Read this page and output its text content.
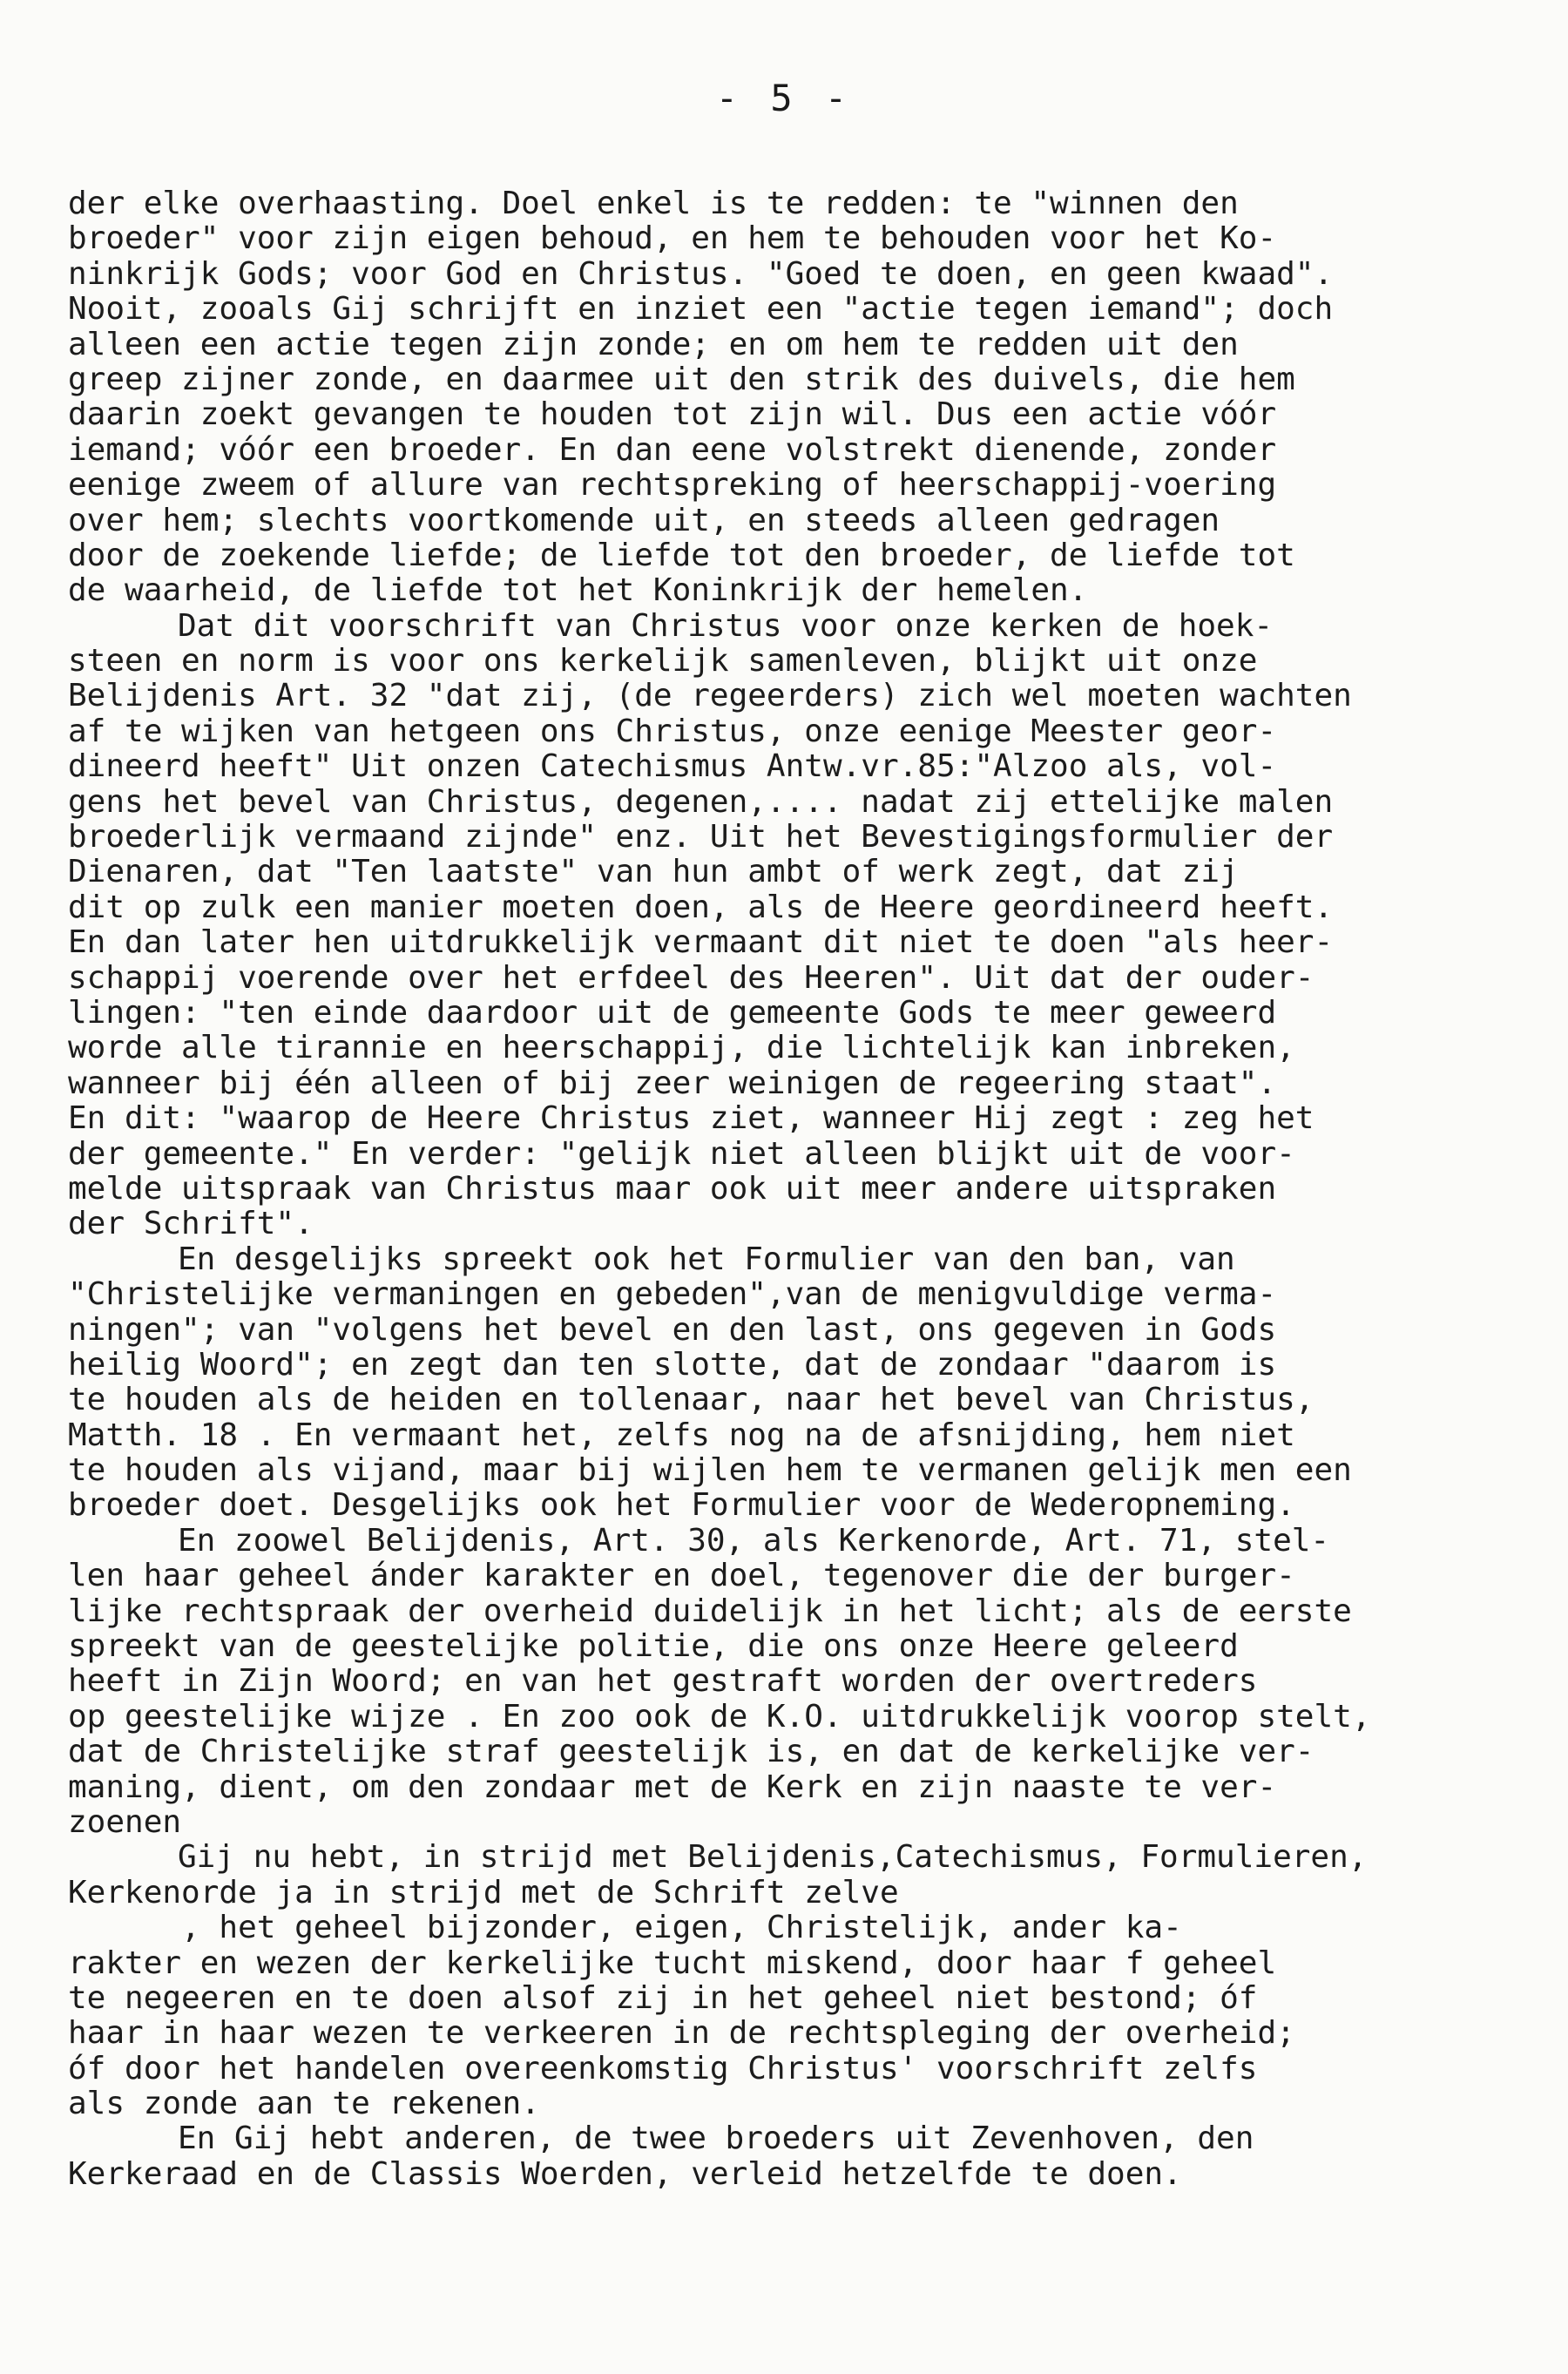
- 5 -
der elke overhaasting. Doel enkel is te redden: te "winnen den
broeder" voor zijn eigen behoud, en hem te behouden voor het Ko-
ninkrijk Gods; voor God en Christus. "Goed te doen, en geen kwaad".
Nooit, zooals Gij schrijft en inziet een "actie tegen iemand"; doch
alleen een actie tegen zijn zonde; en om hem te redden uit den
greep zijner zonde, en daarmee uit den strik des duivels, die hem
daarin zoekt gevangen te houden tot zijn wil. Dus een actie vóór
iemand; vóór een broeder. En dan eene volstrekt dienende, zonder
eenige zweem of allure van rechtspreking of heerschappij-voering
over hem; slechts voortkomende uit, en steeds alleen gedragen
door de zoekende liefde; de liefde tot den broeder, de liefde tot
de waarheid, de liefde tot het Koninkrijk der hemelen.
Dat dit voorschrift van Christus voor onze kerken de hoek-
steen en norm is voor ons kerkelijk samenleven, blijkt uit onze
Belijdenis Art. 32 "dat zij, (de regeerders) zich wel moeten wachten
af te wijken van hetgeen ons Christus, onze eenige Meester geor-
dineerd heeft" Uit onzen Catechismus Antw.vr.85:"Alzoo als, vol-
gens het bevel van Christus, degenen,.... nadat zij ettelijke malen
broederlijk vermaand zijnde" enz. Uit het Bevestigingsformulier der
Dienaren, dat "Ten laatste" van hun ambt of werk zegt, dat zij
dit op zulk een manier moeten doen, als de Heere geordineerd heeft.
En dan later hen uitdrukkelijk vermaant dit niet te doen "als heer-
schappij voerende over het erfdeel des Heeren". Uit dat der ouder-
lingen: "ten einde daardoor uit de gemeente Gods te meer geweerd
worde alle tirannie en heerschappij, die lichtelijk kan inbreken,
wanneer bij één alleen of bij zeer weinigen de regeering staat".
En dit: "waarop de Heere Christus ziet, wanneer Hij zegt : zeg het
der gemeente." En verder: "gelijk niet alleen blijkt uit de voor-
melde uitspraak van Christus maar ook uit meer andere uitspraken
der Schrift".
En desgelijks spreekt ook het Formulier van den ban, van
"Christelijke vermaningen en gebeden",van de menigvuldige verma-
ningen"; van "volgens het bevel en den last, ons gegeven in Gods
heilig Woord"; en zegt dan ten slotte, dat de zondaar "daarom is
te houden als de heiden en tollenaar, naar het bevel van Christus,
Matth. 18 . En vermaant het, zelfs nog na de afsnijding, hem niet
te houden als vijand, maar bij wijlen hem te vermanen gelijk men een
broeder doet. Desgelijks ook het Formulier voor de Wederopneming.
En zoowel Belijdenis, Art. 30, als Kerkenorde, Art. 71, stel-
len haar geheel ánder karakter en doel, tegenover die der burger-
lijke rechtspraak der overheid duidelijk in het licht; als de eerste
spreekt van de geestelijke politie, die ons onze Heere geleerd
heeft in Zijn Woord; en van het gestraft worden der overtreders
op geestelijke wijze . En zoo ook de K.O. uitdrukkelijk voorop stelt,
dat de Christelijke straf geestelijk is, en dat de kerkelijke ver-
maning, dient, om den zondaar met de Kerk en zijn naaste te ver-
zoenen
Gij nu hebt, in strijd met Belijdenis,Catechismus, Formulieren,
Kerkenorde ja in strijd met de Schrift zelve
, het geheel bijzonder, eigen, Christelijk, ander ka-
rakter en wezen der kerkelijke tucht miskend, door haar f geheel
te negeeren en te doen alsof zij in het geheel niet bestond; óf
haar in haar wezen te verkeeren in de rechtspleging der overheid;
óf door het handelen overeenkomstig Christus' voorschrift zelfs
als zonde aan te rekenen.
En Gij hebt anderen, de twee broeders uit Zevenhoven, den
Kerkeraad en de Classis Woerden, verleid hetzelfde te doen.
